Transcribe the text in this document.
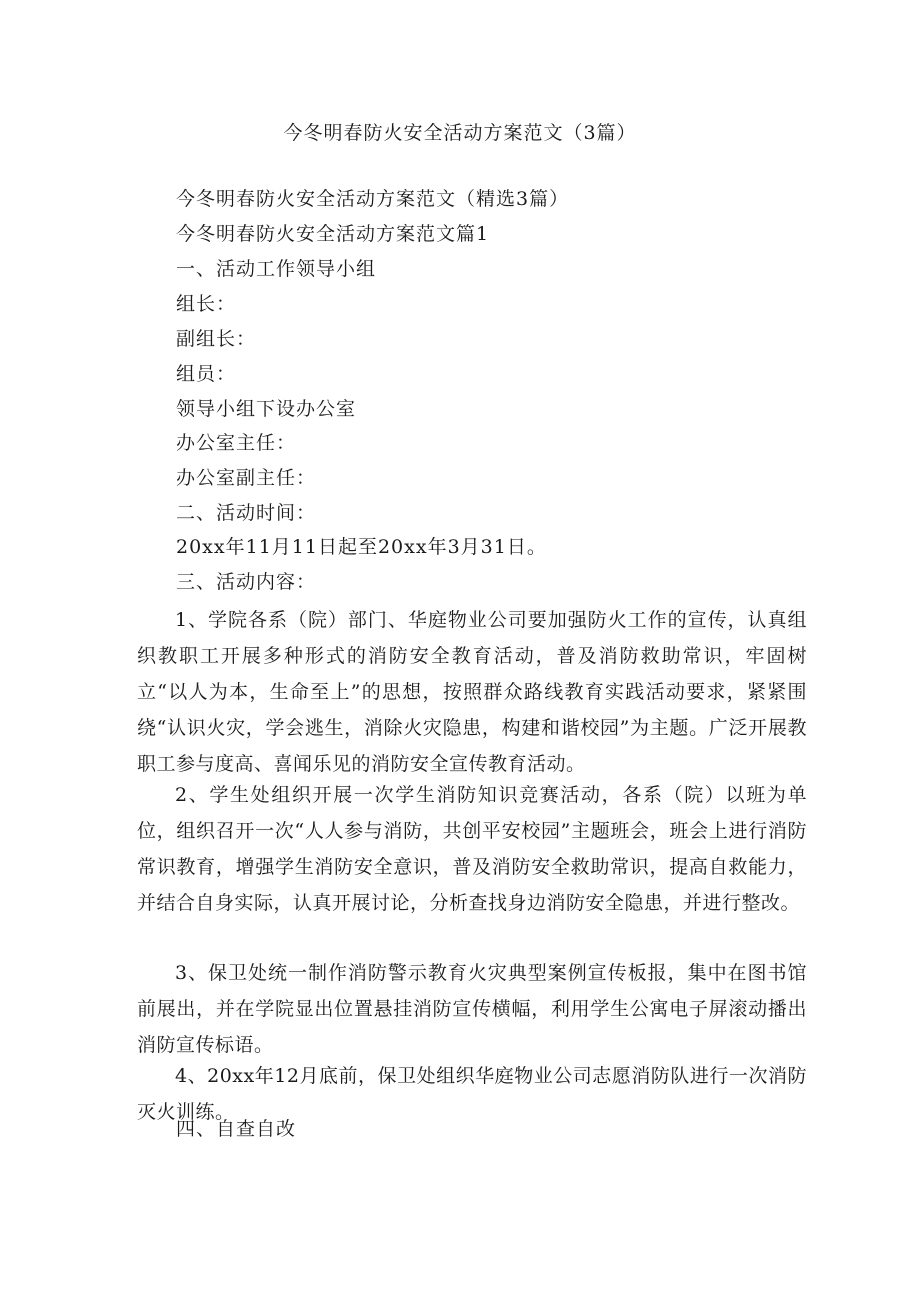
今冬明春防火安全活动方案范文（3篇）
今冬明春防火安全活动方案范文（精选3篇）
今冬明春防火安全活动方案范文篇1
一、活动工作领导小组
组长：
副组长：
组员：
领导小组下设办公室
办公室主任：
办公室副主任：
二、活动时间：
20xx年11月11日起至20xx年3月31日。
三、活动内容：

1、学院各系（院）部门、华庭物业公司要加强防火工作的宣传，认真组织教职工开展多种形式的消防安全教育活动，普及消防救助常识，牢固树立“以人为本，生命至上”的思想，按照群众路线教育实践活动要求，紧紧围绕“认识火灾，学会逃生，消除火灾隐患，构建和谐校园”为主题。广泛开展教职工参与度高、喜闻乐见的消防安全宣传教育活动。

2、学生处组织开展一次学生消防知识竞赛活动，各系（院）以班为单位，组织召开一次“人人参与消防，共创平安校园”主题班会，班会上进行消防常识教育，增强学生消防安全意识，普及消防安全救助常识，提高自救能力，并结合自身实际，认真开展讨论，分析查找身边消防安全隐患，并进行整改。

3、保卫处统一制作消防警示教育火灾典型案例宣传板报，集中在图书馆前展出，并在学院显出位置悬挂消防宣传横幅，利用学生公寓电子屏滚动播出消防宣传标语。

4、20xx年12月底前，保卫处组织华庭物业公司志愿消防队进行一次消防灭火训练。

四、自查自改
